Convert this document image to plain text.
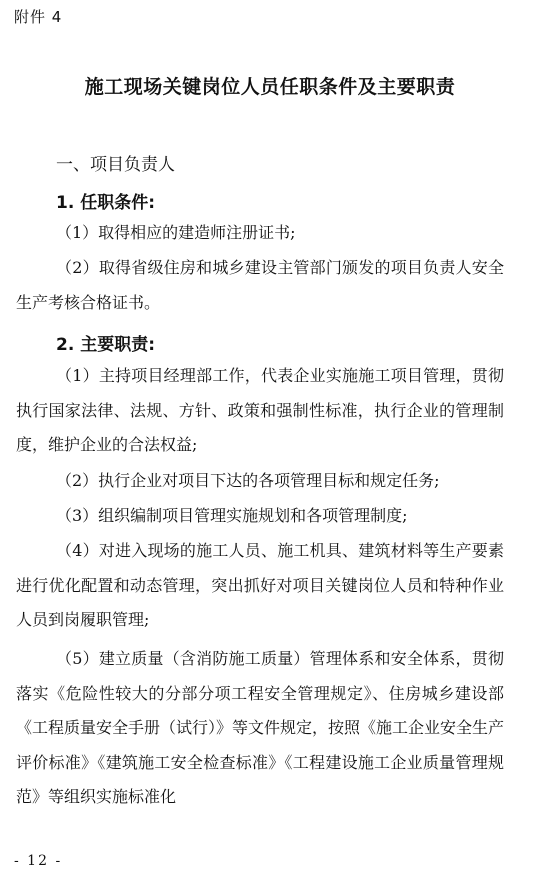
附件 4
施工现场关键岗位人员任职条件及主要职责
一、项目负责人
1. 任职条件:
（1）取得相应的建造师注册证书;
（2）取得省级住房和城乡建设主管部门颁发的项目负责人安全生产考核合格证书。
2. 主要职责:
（1）主持项目经理部工作，代表企业实施施工项目管理，贯彻执行国家法律、法规、方针、政策和强制性标准，执行企业的管理制度，维护企业的合法权益;
（2）执行企业对项目下达的各项管理目标和规定任务;
（3）组织编制项目管理实施规划和各项管理制度;
（4）对进入现场的施工人员、施工机具、建筑材料等生产要素进行优化配置和动态管理，突出抓好对项目关键岗位人员和特种作业人员到岗履职管理;
（5）建立质量（含消防施工质量）管理体系和安全体系，贯彻落实《危险性较大的分部分项工程安全管理规定》、住房城乡建设部《工程质量安全手册（试行）》等文件规定，按照《施工企业安全生产评价标准》《建筑施工安全检查标准》《工程建设施工企业质量管理规范》等组织实施标准化
- 12 -
